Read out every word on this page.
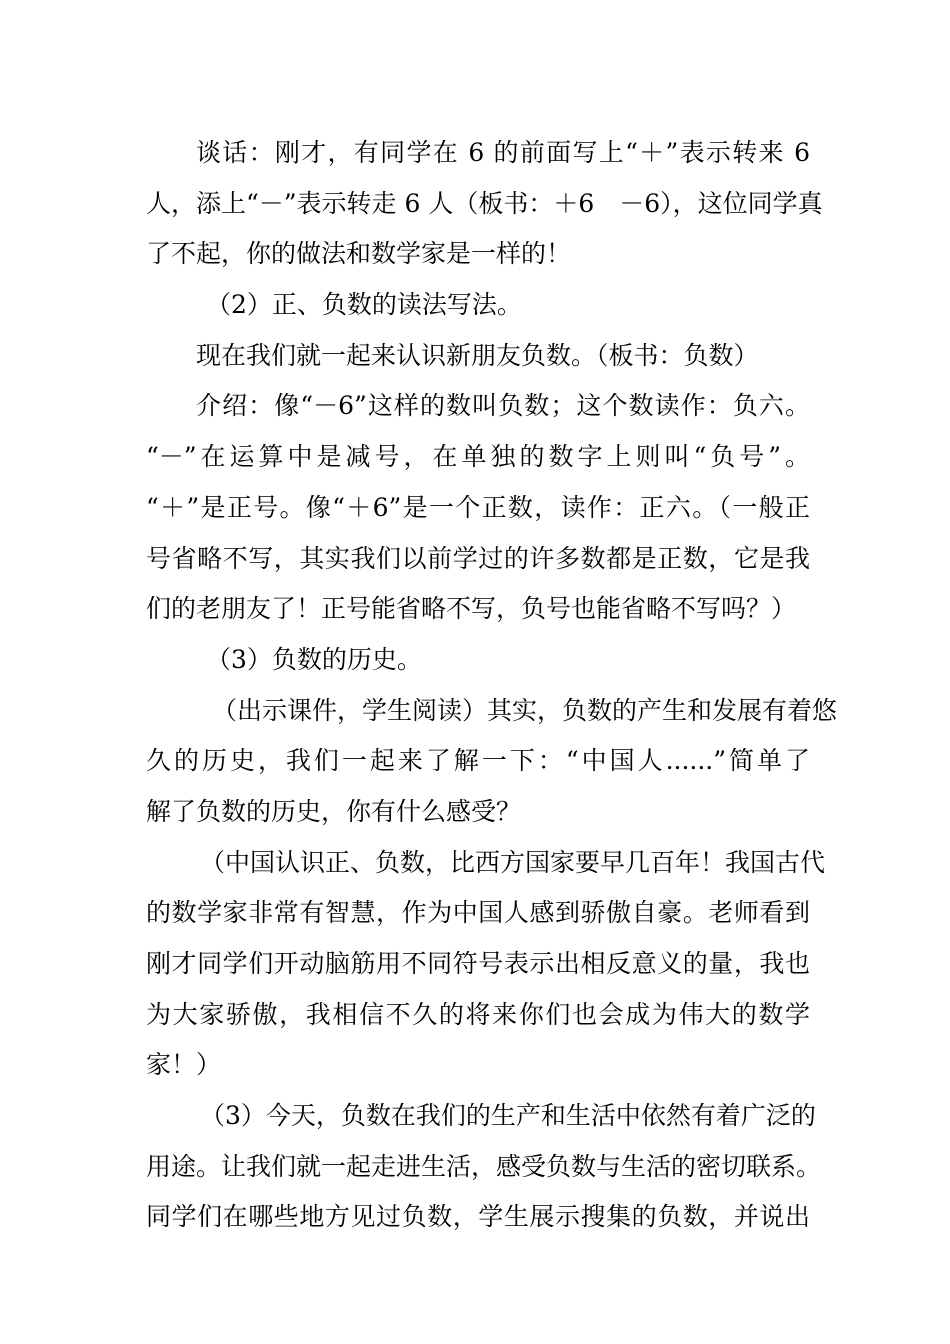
谈话：刚才，有同学在 6 的前面写上“＋”表示转来 6
人，添上“－”表示转走 6 人（板书：＋6　－6），这位同学真
了不起，你的做法和数学家是一样的！
（2）正、负数的读法写法。
现在我们就一起来认识新朋友负数。（板书：负数）
介绍：像“－6”这样的数叫负数；这个数读作：负六。
“－”在运算中是减号，在单独的数字上则叫“负号”。
“＋”是正号。像“＋6”是一个正数，读作：正六。（一般正
号省略不写，其实我们以前学过的许多数都是正数，它是我
们的老朋友了！正号能省略不写，负号也能省略不写吗？）
（3）负数的历史。
（出示课件，学生阅读）其实，负数的产生和发展有着悠
久的历史，我们一起来了解一下：“中国人......”简单了
解了负数的历史，你有什么感受？
（中国认识正、负数，比西方国家要早几百年！我国古代
的数学家非常有智慧，作为中国人感到骄傲自豪。老师看到
刚才同学们开动脑筋用不同符号表示出相反意义的量，我也
为大家骄傲，我相信不久的将来你们也会成为伟大的数学
家！）
（3）今天，负数在我们的生产和生活中依然有着广泛的
用途。让我们就一起走进生活，感受负数与生活的密切联系。
同学们在哪些地方见过负数，学生展示搜集的负数，并说出
